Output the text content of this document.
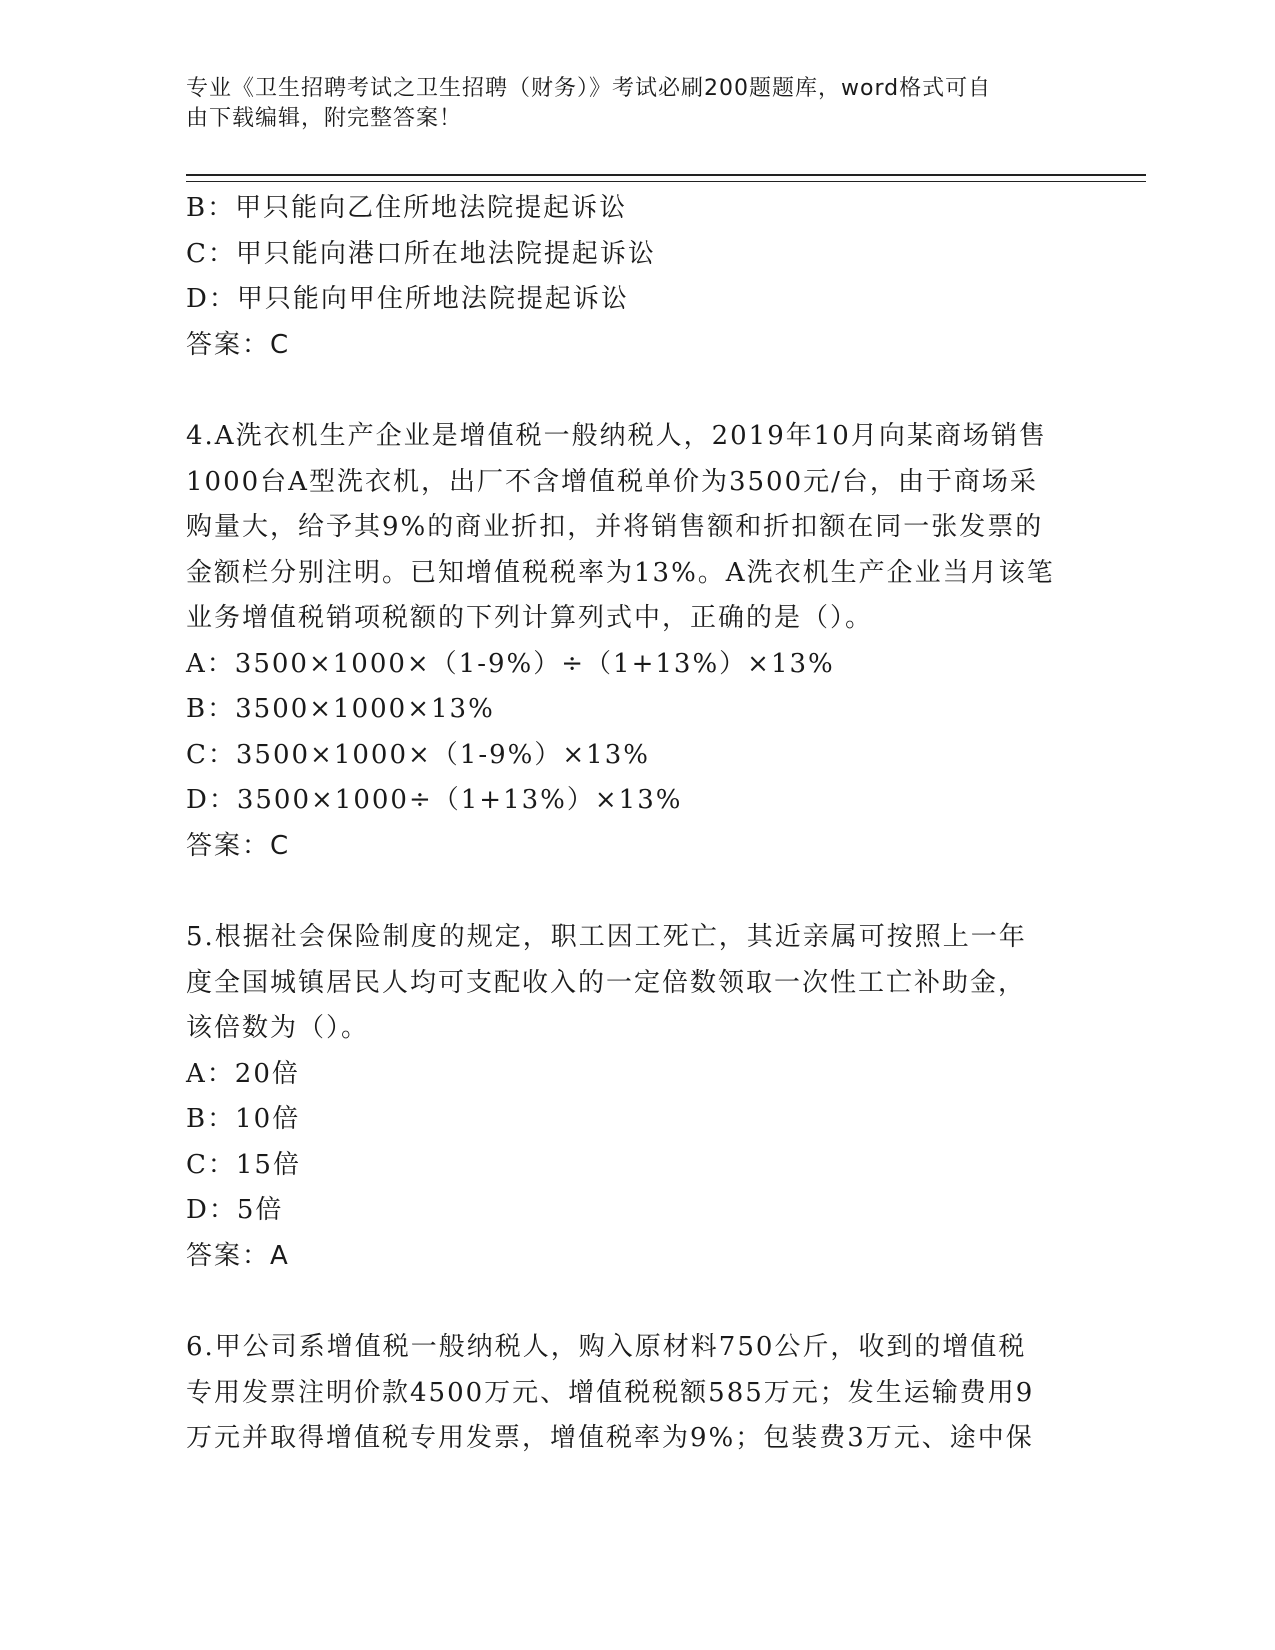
专业《卫生招聘考试之卫生招聘（财务）》考试必刷200题题库，word格式可自
由下载编辑，附完整答案！
B：甲只能向乙住所地法院提起诉讼
C：甲只能向港口所在地法院提起诉讼
D：甲只能向甲住所地法院提起诉讼
答案：C
4.A洗衣机生产企业是增值税一般纳税人，2019年10月向某商场销售
1000台A型洗衣机，出厂不含增值税单价为3500元/台，由于商场采
购量大，给予其9%的商业折扣，并将销售额和折扣额在同一张发票的
金额栏分别注明。已知增值税税率为13%。A洗衣机生产企业当月该笔
业务增值税销项税额的下列计算列式中，正确的是（）。
A：3500×1000×（1-9%）÷（1+13%）×13%
B：3500×1000×13%
C：3500×1000×（1-9%）×13%
D：3500×1000÷（1+13%）×13%
答案：C
5.根据社会保险制度的规定，职工因工死亡，其近亲属可按照上一年
度全国城镇居民人均可支配收入的一定倍数领取一次性工亡补助金，
该倍数为（）。
A：20倍
B：10倍
C：15倍
D：5倍
答案：A
6.甲公司系增值税一般纳税人，购入原材料750公斤，收到的增值税
专用发票注明价款4500万元、增值税税额585万元；发生运输费用9
万元并取得增值税专用发票，增值税率为9%；包装费3万元、途中保
